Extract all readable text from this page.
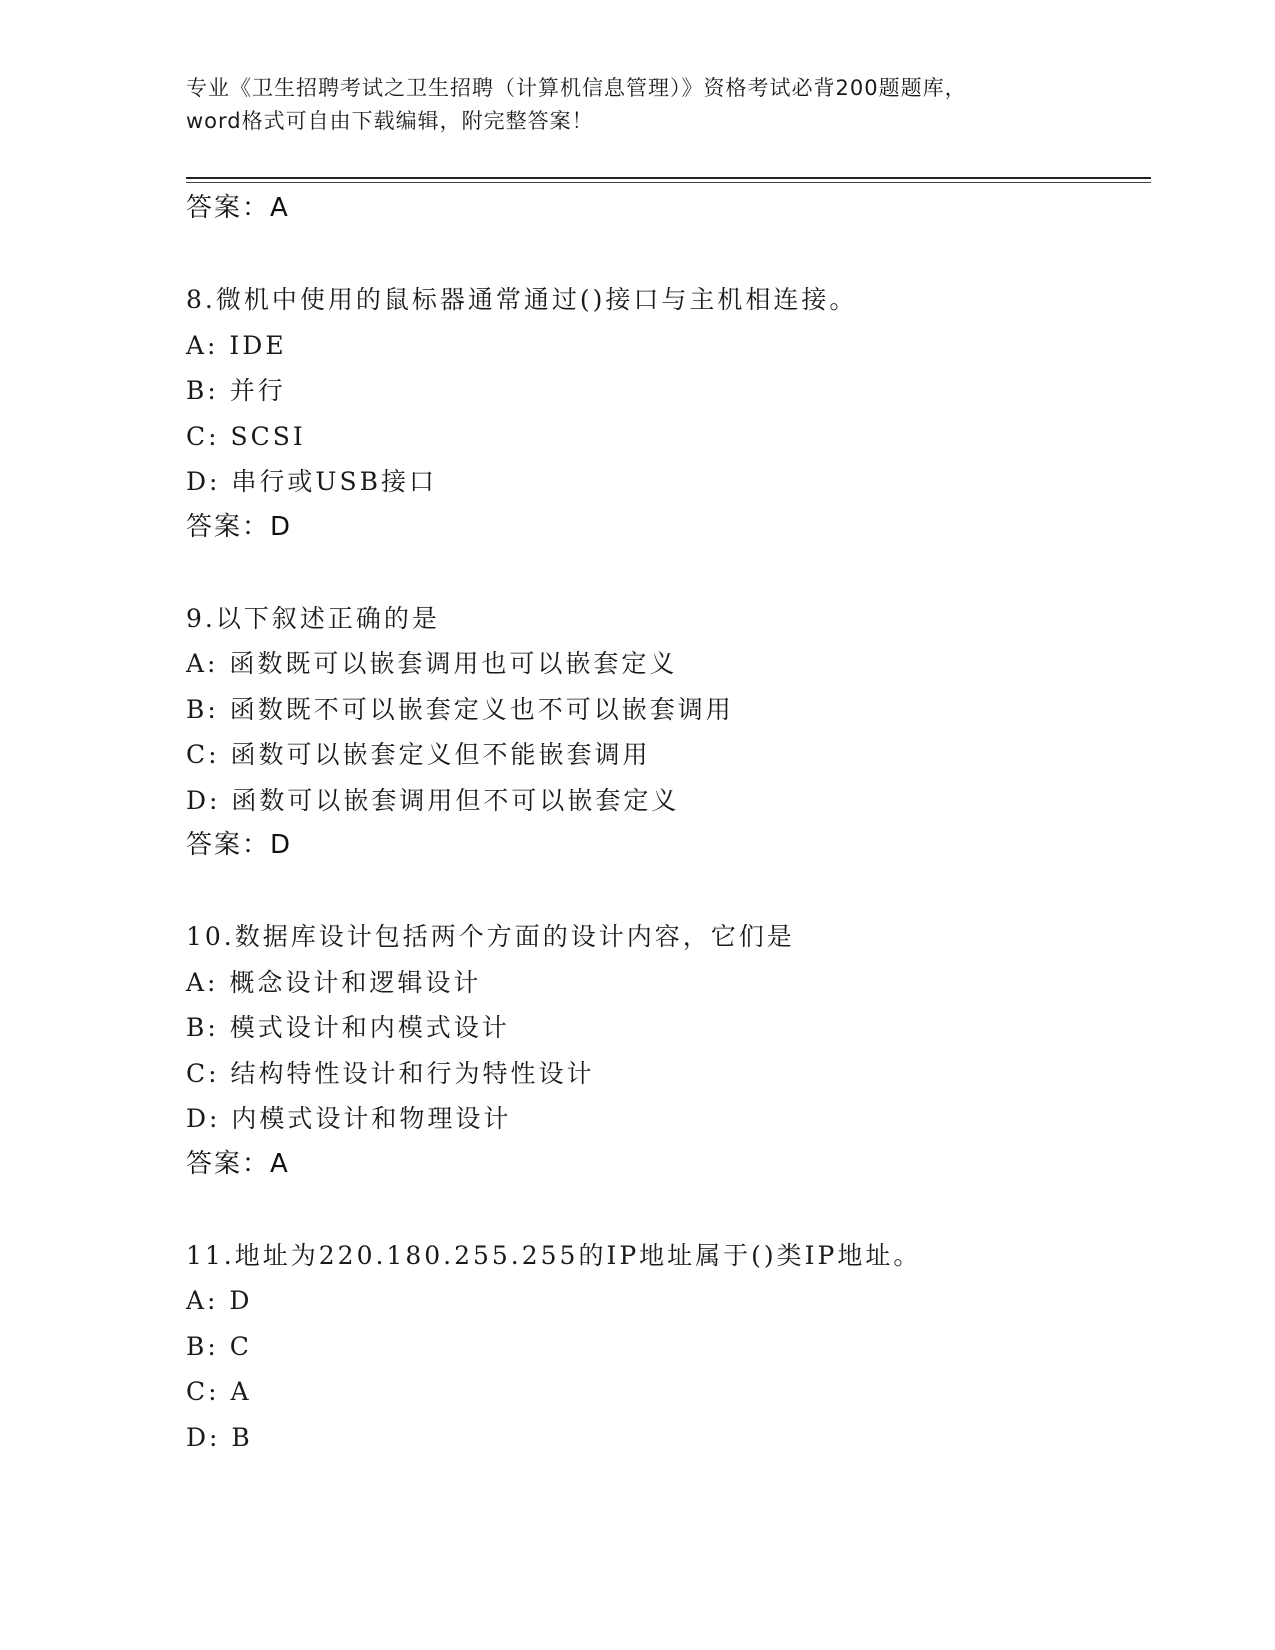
专业《卫生招聘考试之卫生招聘（计算机信息管理）》资格考试必背200题题库，
word格式可自由下载编辑，附完整答案！
答案：A
8.微机中使用的鼠标器通常通过()接口与主机相连接。
A: IDE
B: 并行
C: SCSI
D: 串行或USB接口
答案：D
9.以下叙述正确的是
A: 函数既可以嵌套调用也可以嵌套定义
B: 函数既不可以嵌套定义也不可以嵌套调用
C: 函数可以嵌套定义但不能嵌套调用
D: 函数可以嵌套调用但不可以嵌套定义
答案：D
10.数据库设计包括两个方面的设计内容，它们是
A: 概念设计和逻辑设计
B: 模式设计和内模式设计
C: 结构特性设计和行为特性设计
D: 内模式设计和物理设计
答案：A
11.地址为220.180.255.255的IP地址属于()类IP地址。
A: D
B: C
C: A
D: B
